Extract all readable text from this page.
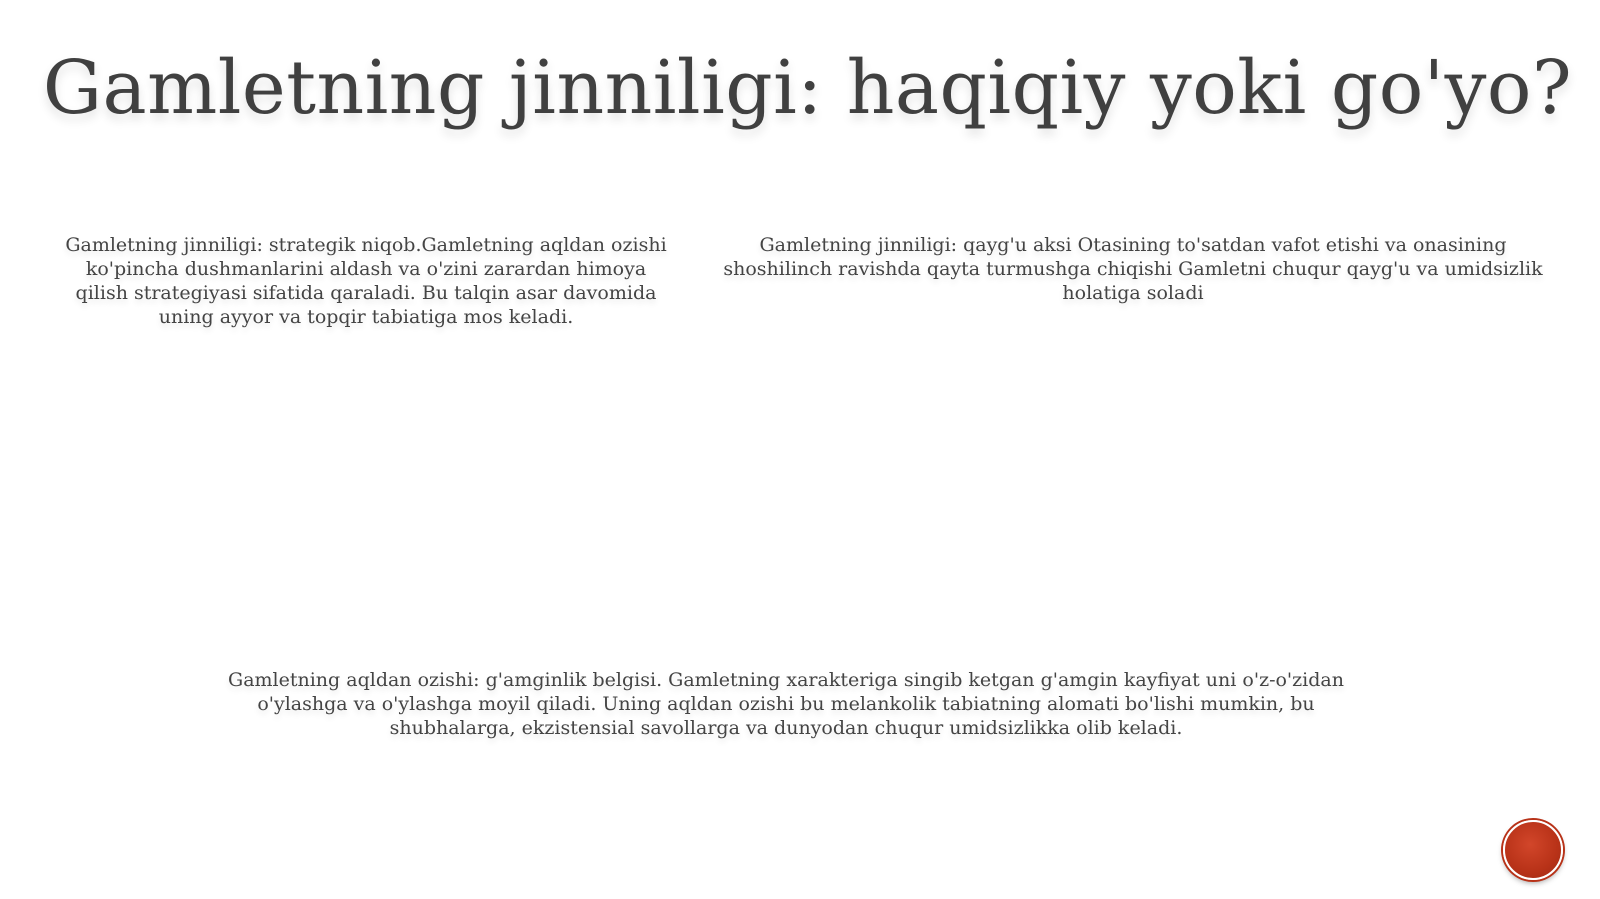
Gamletning jinniligi: haqiqiy yoki go'yo?
Gamletning jinniligi: strategik niqob.Gamletning aqldan ozishi ko'pincha dushmanlarini aldash va o'zini zarardan himoya qilish strategiyasi sifatida qaraladi. Bu talqin asar davomida uning ayyor va topqir tabiatiga mos keladi.
Gamletning jinniligi: qayg'u aksi Otasining to'satdan vafot etishi va onasining shoshilinch ravishda qayta turmushga chiqishi Gamletni chuqur qayg'u va umidsizlik holatiga soladi
Gamletning aqldan ozishi: g'amginlik belgisi. Gamletning xarakteriga singib ketgan g'amgin kayfiyat uni o'z-o'zidan o'ylashga va o'ylashga moyil qiladi. Uning aqldan ozishi bu melankolik tabiatning alomati bo'lishi mumkin, bu shubhalarga, ekzistensial savollarga va dunyodan chuqur umidsizlikka olib keladi.
